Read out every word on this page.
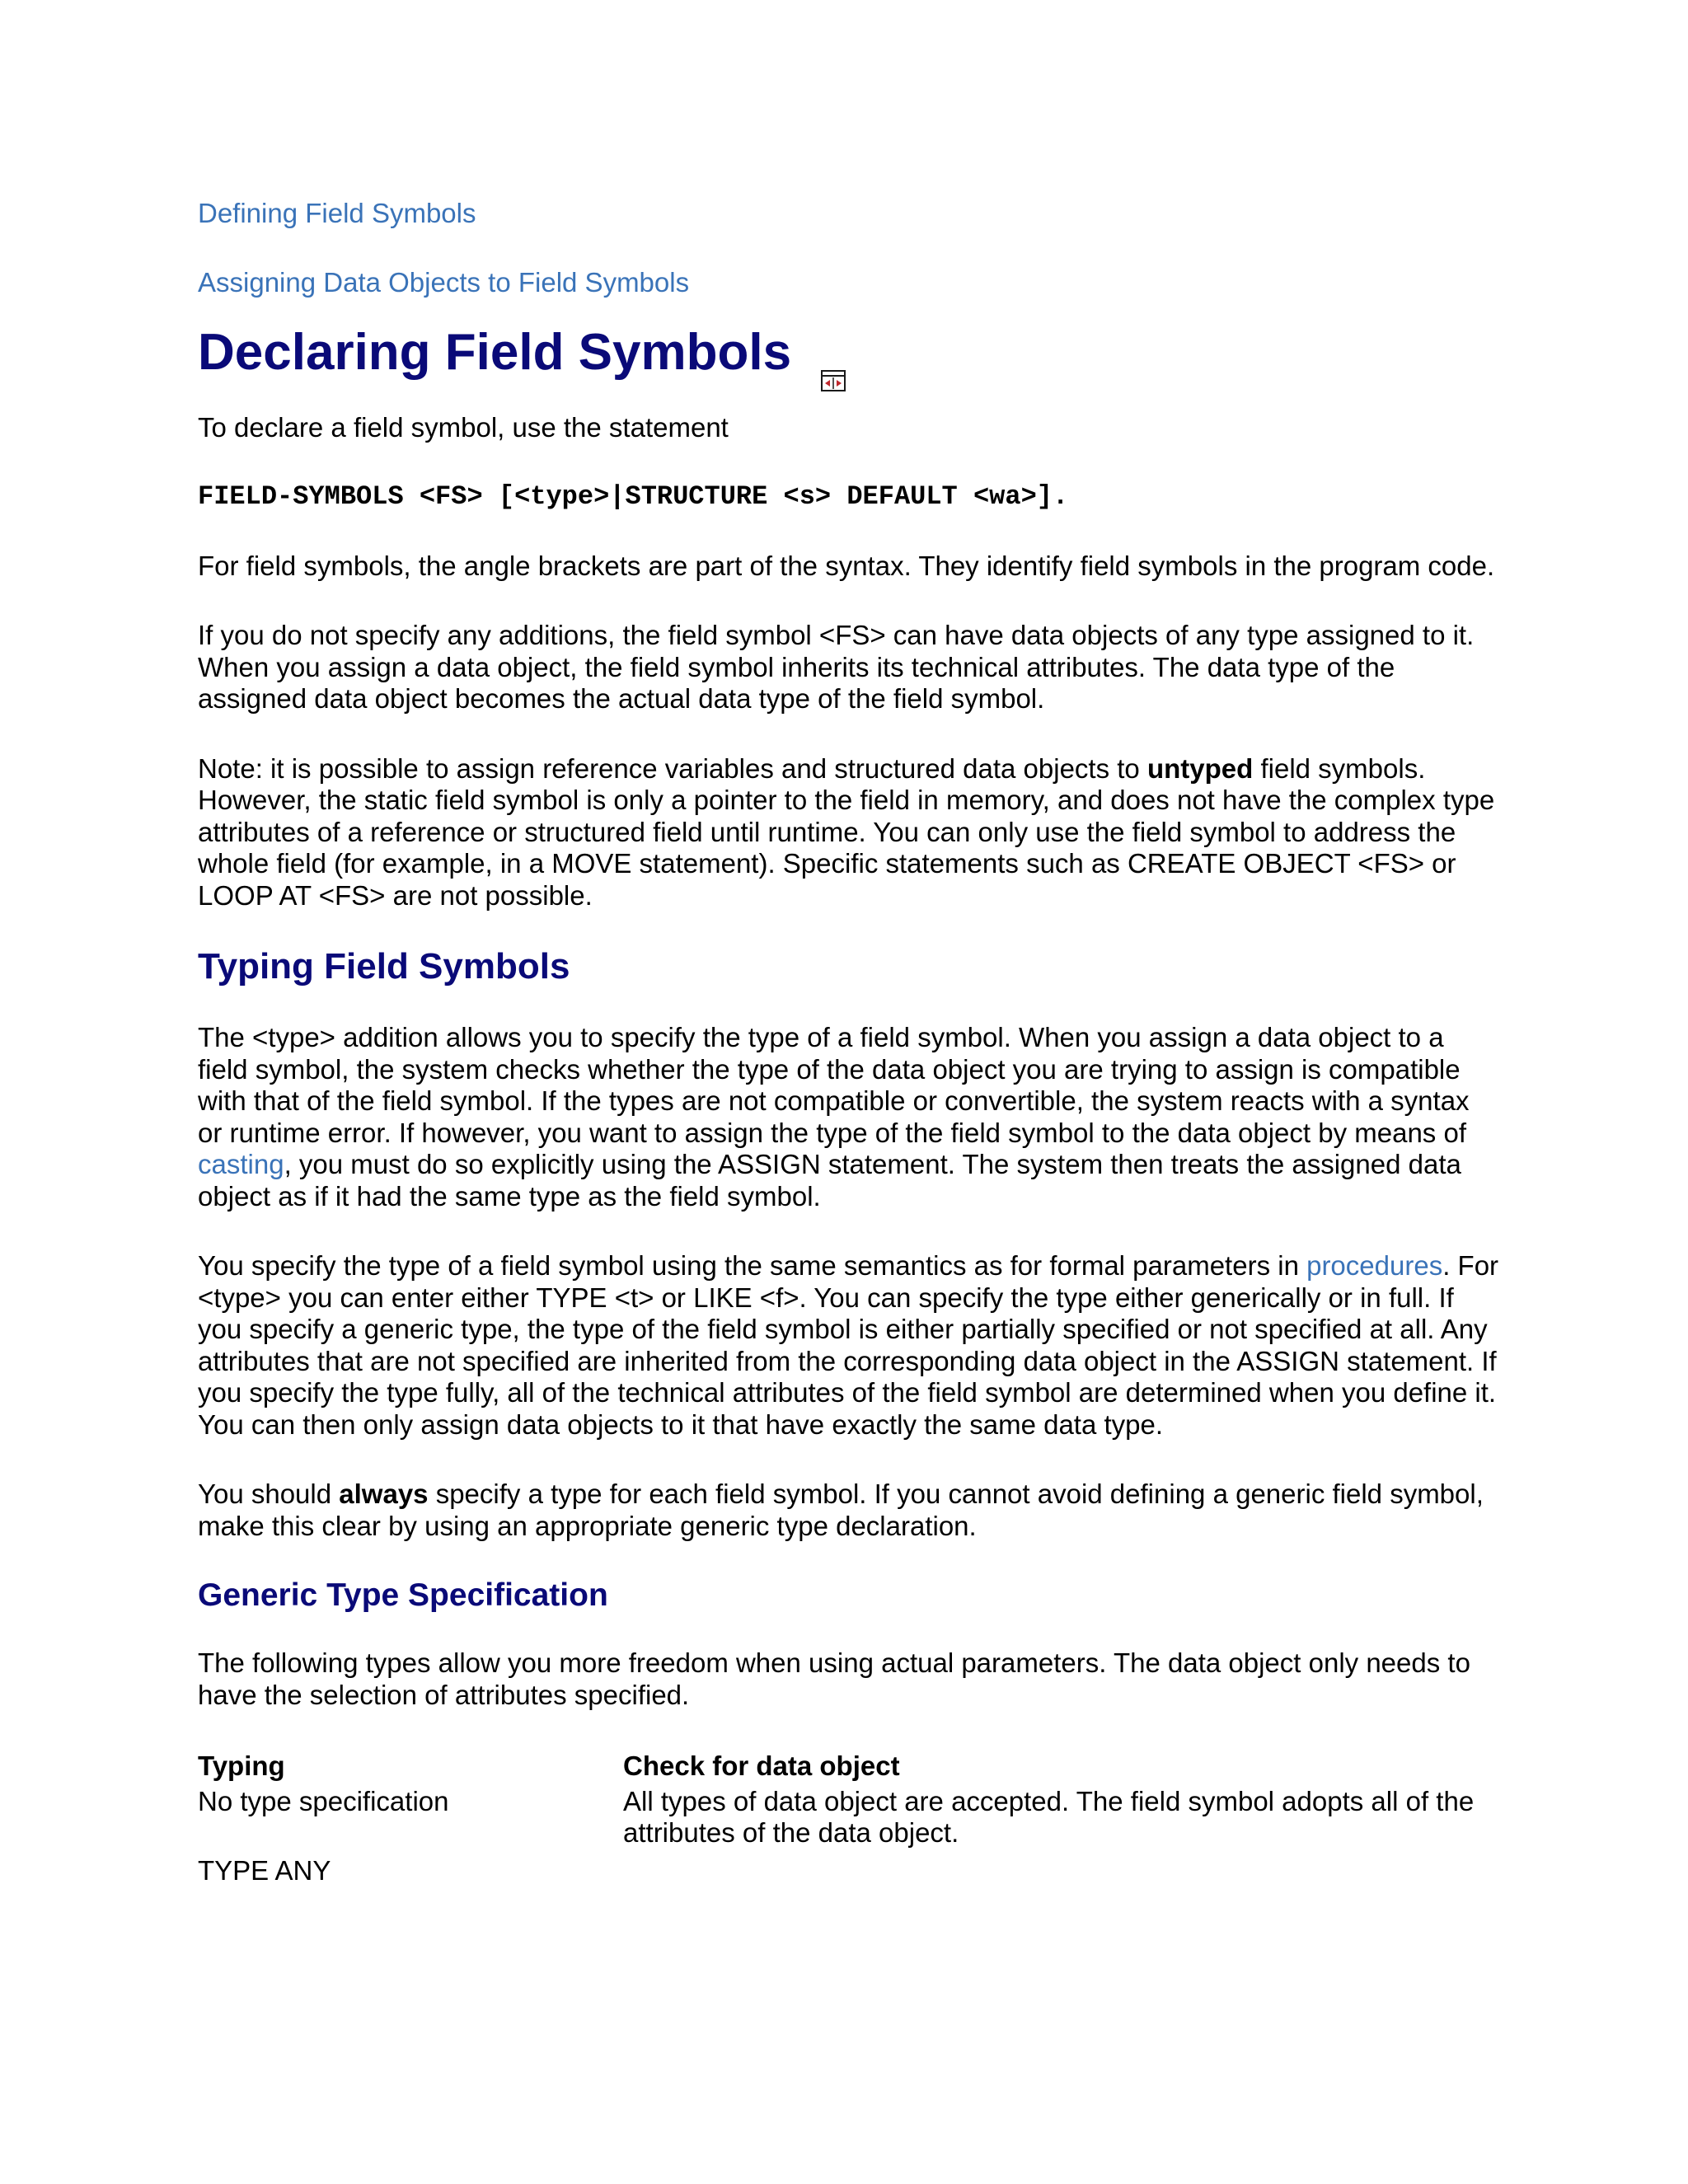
Defining Field Symbols
Assigning Data Objects to Field Symbols
Declaring Field Symbols

To declare a field symbol, use the statement

FIELD-SYMBOLS <FS> [<type>|STRUCTURE <s> DEFAULT <wa>].

For field symbols, the angle brackets are part of the syntax. They identify field symbols in the program code.

If you do not specify any additions, the field symbol <FS> can have data objects of any type assigned to it. When you assign a data object, the field symbol inherits its technical attributes. The data type of the assigned data object becomes the actual data type of the field symbol.

Note: it is possible to assign reference variables and structured data objects to untyped field symbols. However, the static field symbol is only a pointer to the field in memory, and does not have the complex type attributes of a reference or structured field until runtime. You can only use the field symbol to address the whole field (for example, in a MOVE statement). Specific statements such as CREATE OBJECT <FS> or LOOP AT <FS> are not possible.

Typing Field Symbols

The <type> addition allows you to specify the type of a field symbol. When you assign a data object to a field symbol, the system checks whether the type of the data object you are trying to assign is compatible with that of the field symbol. If the types are not compatible or convertible, the system reacts with a syntax or runtime error. If however, you want to assign the type of the field symbol to the data object by means of casting, you must do so explicitly using the ASSIGN statement. The system then treats the assigned data object as if it had the same type as the field symbol.

You specify the type of a field symbol using the same semantics as for formal parameters in procedures. For <type> you can enter either TYPE <t> or LIKE <f>. You can specify the type either generically or in full. If you specify a generic type, the type of the field symbol is either partially specified or not specified at all. Any attributes that are not specified are inherited from the corresponding data object in the ASSIGN statement. If you specify the type fully, all of the technical attributes of the field symbol are determined when you define it. You can then only assign data objects to it that have exactly the same data type.

You should always specify a type for each field symbol. If you cannot avoid defining a generic field symbol, make this clear by using an appropriate generic type declaration.

Generic Type Specification

The following types allow you more freedom when using actual parameters. The data object only needs to have the selection of attributes specified.

Typing	Check for data object
No type specification	All types of data object are accepted. The field symbol adopts all of the attributes of the data object.
TYPE ANY
